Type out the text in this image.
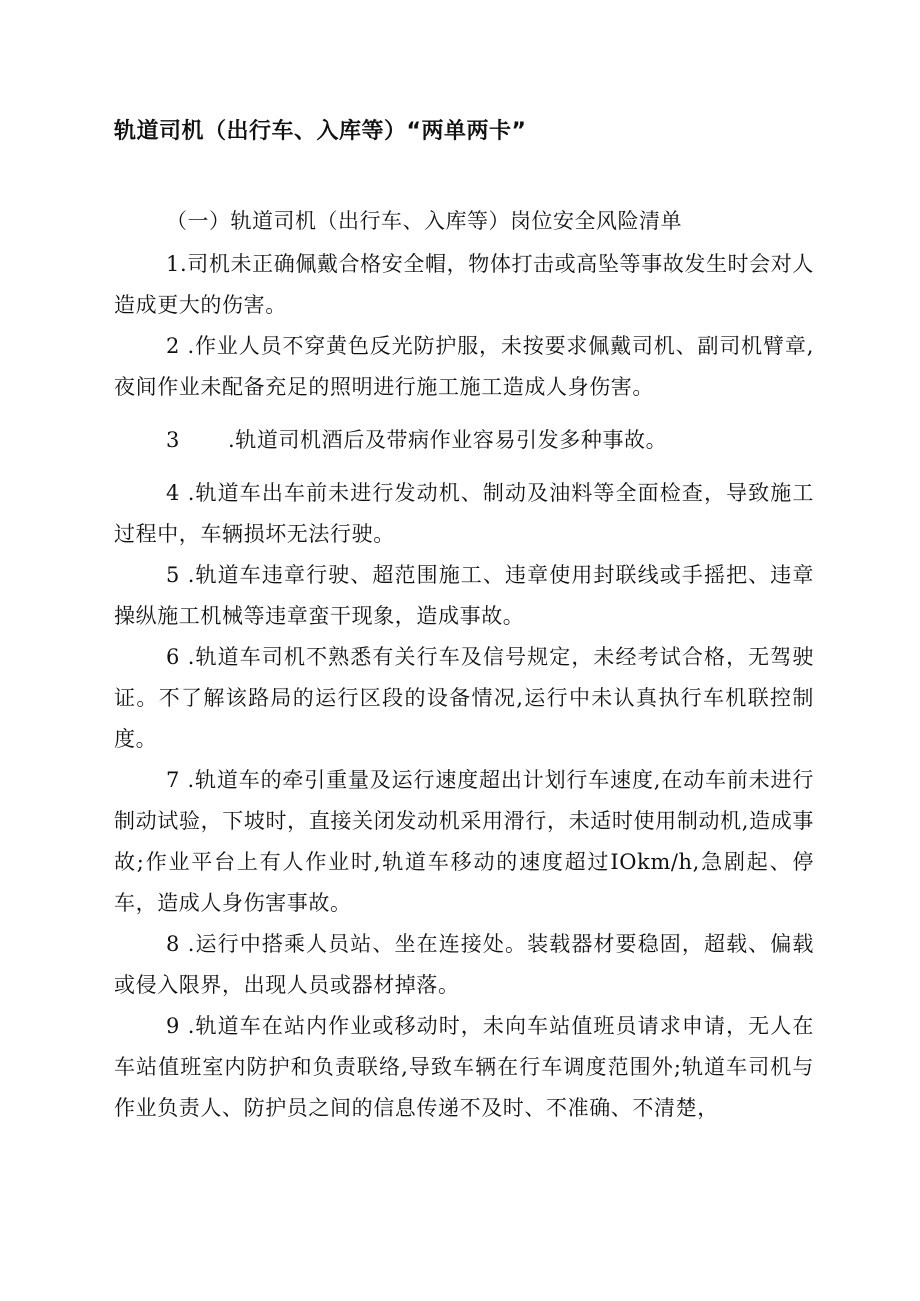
轨道司机（出行车、入库等）“两单两卡”
（一）轨道司机（出行车、入库等）岗位安全风险清单

1.司机未正确佩戴合格安全帽，物体打击或高坠等事故发生时会对人造成更大的伤害。

2 .作业人员不穿黄色反光防护服，未按要求佩戴司机、副司机臂章,夜间作业未配备充足的照明进行施工施工造成人身伤害。

3 .轨道司机酒后及带病作业容易引发多种事故。

4 .轨道车出车前未进行发动机、制动及油料等全面检查，导致施工过程中，车辆损坏无法行驶。

5 .轨道车违章行驶、超范围施工、违章使用封联线或手摇把、违章操纵施工机械等违章蛮干现象，造成事故。

6 .轨道车司机不熟悉有关行车及信号规定，未经考试合格，无驾驶证。不了解该路局的运行区段的设备情况,运行中未认真执行车机联控制度。

7 .轨道车的牵引重量及运行速度超出计划行车速度,在动车前未进行制动试验，下坡时，直接关闭发动机采用滑行，未适时使用制动机,造成事故;作业平台上有人作业时,轨道车移动的速度超过IOkm/h,急剧起、停车，造成人身伤害事故。

8 .运行中搭乘人员站、坐在连接处。装载器材要稳固，超载、偏载或侵入限界，出现人员或器材掉落。

9 .轨道车在站内作业或移动时，未向车站值班员请求申请，无人在车站值班室内防护和负责联络,导致车辆在行车调度范围外;轨道车司机与作业负责人、防护员之间的信息传递不及时、不准确、不清楚，
